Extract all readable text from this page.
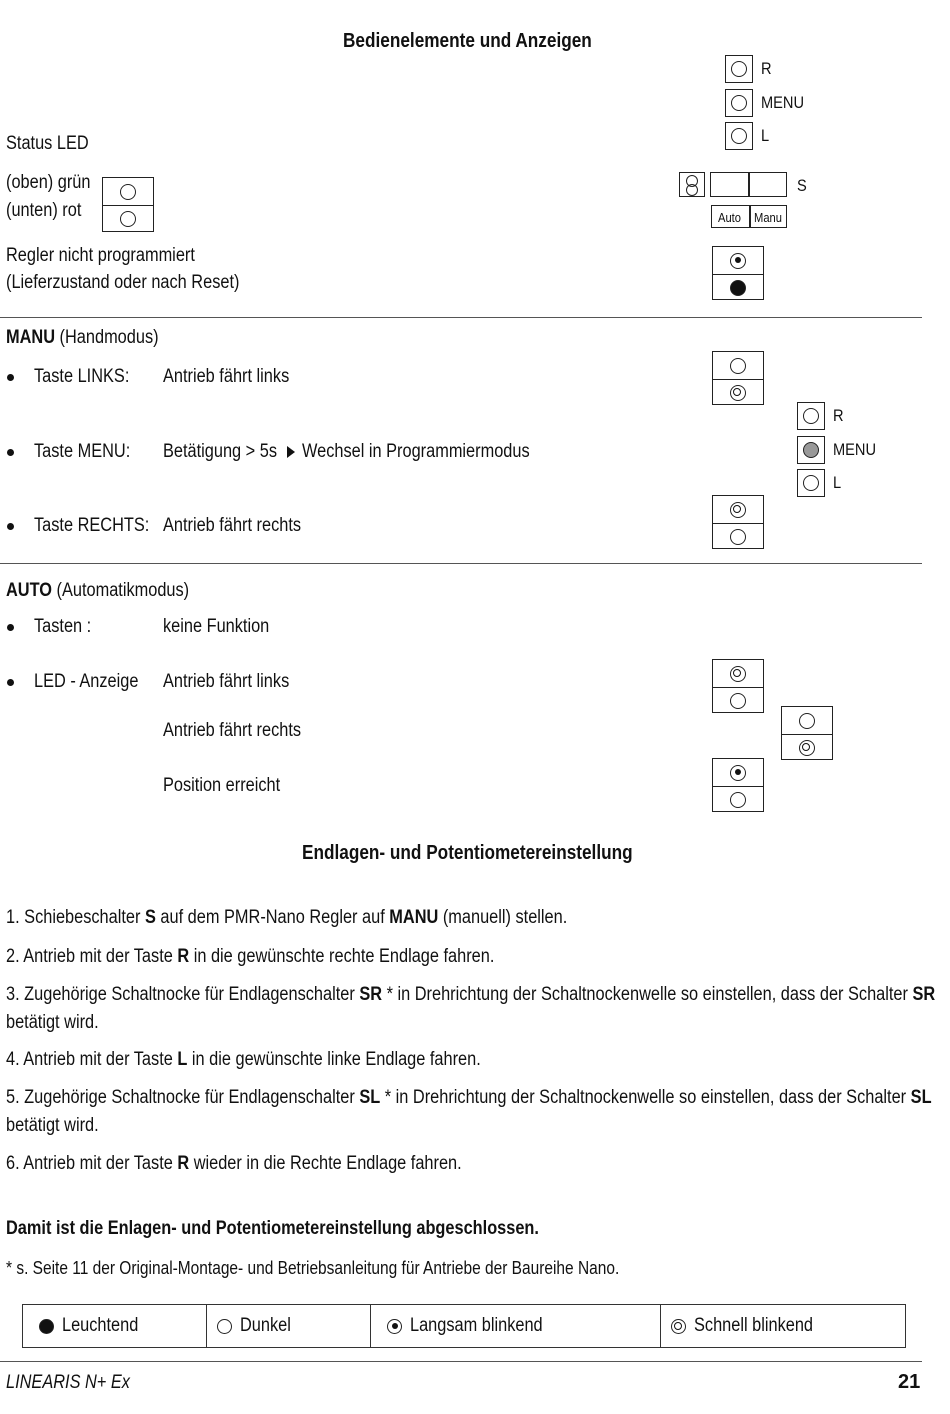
Bedienelemente und Anzeigen
R
MENU
L
Status LED
(oben) grün
(unten) rot
S
Auto Manu
Regler nicht programmiert
(Lieferzustand oder nach Reset)
MANU (Handmodus)
Taste LINKS: Antrieb fährt links
Taste MENU: Betätigung > 5s Wechsel in Programmiermodus
R
MENU
L
Taste RECHTS: Antrieb fährt rechts
AUTO (Automatikmodus)
Tasten :	keine Funktion
LED - Anzeige Antrieb fährt links
Antrieb fährt rechts
Position erreicht
Endlagen- und Potentiometereinstellung
1. Schiebeschalter S auf dem PMR-Nano Regler auf MANU (manuell) stellen.
2. Antrieb mit der Taste R in die gewünschte rechte Endlage fahren.
3. Zugehörige Schaltnocke für Endlagenschalter SR * in Drehrichtung der Schaltnockenwelle so einstellen, dass der Schalter SR
betätigt wird.
4. Antrieb mit der Taste L in die gewünschte linke Endlage fahren.
5. Zugehörige Schaltnocke für Endlagenschalter SL * in Drehrichtung der Schaltnockenwelle so einstellen, dass der Schalter SL
betätigt wird.
6. Antrieb mit der Taste R wieder in die Rechte Endlage fahren.
Damit ist die Enlagen- und Potentiometereinstellung abgeschlossen.
* s. Seite 11 der Original-Montage- und Betriebsanleitung für Antriebe der Baureihe Nano.
Leuchtend	Dunkel	Langsam blinkend	Schnell blinkend
LINEARIS N+ Ex	21
